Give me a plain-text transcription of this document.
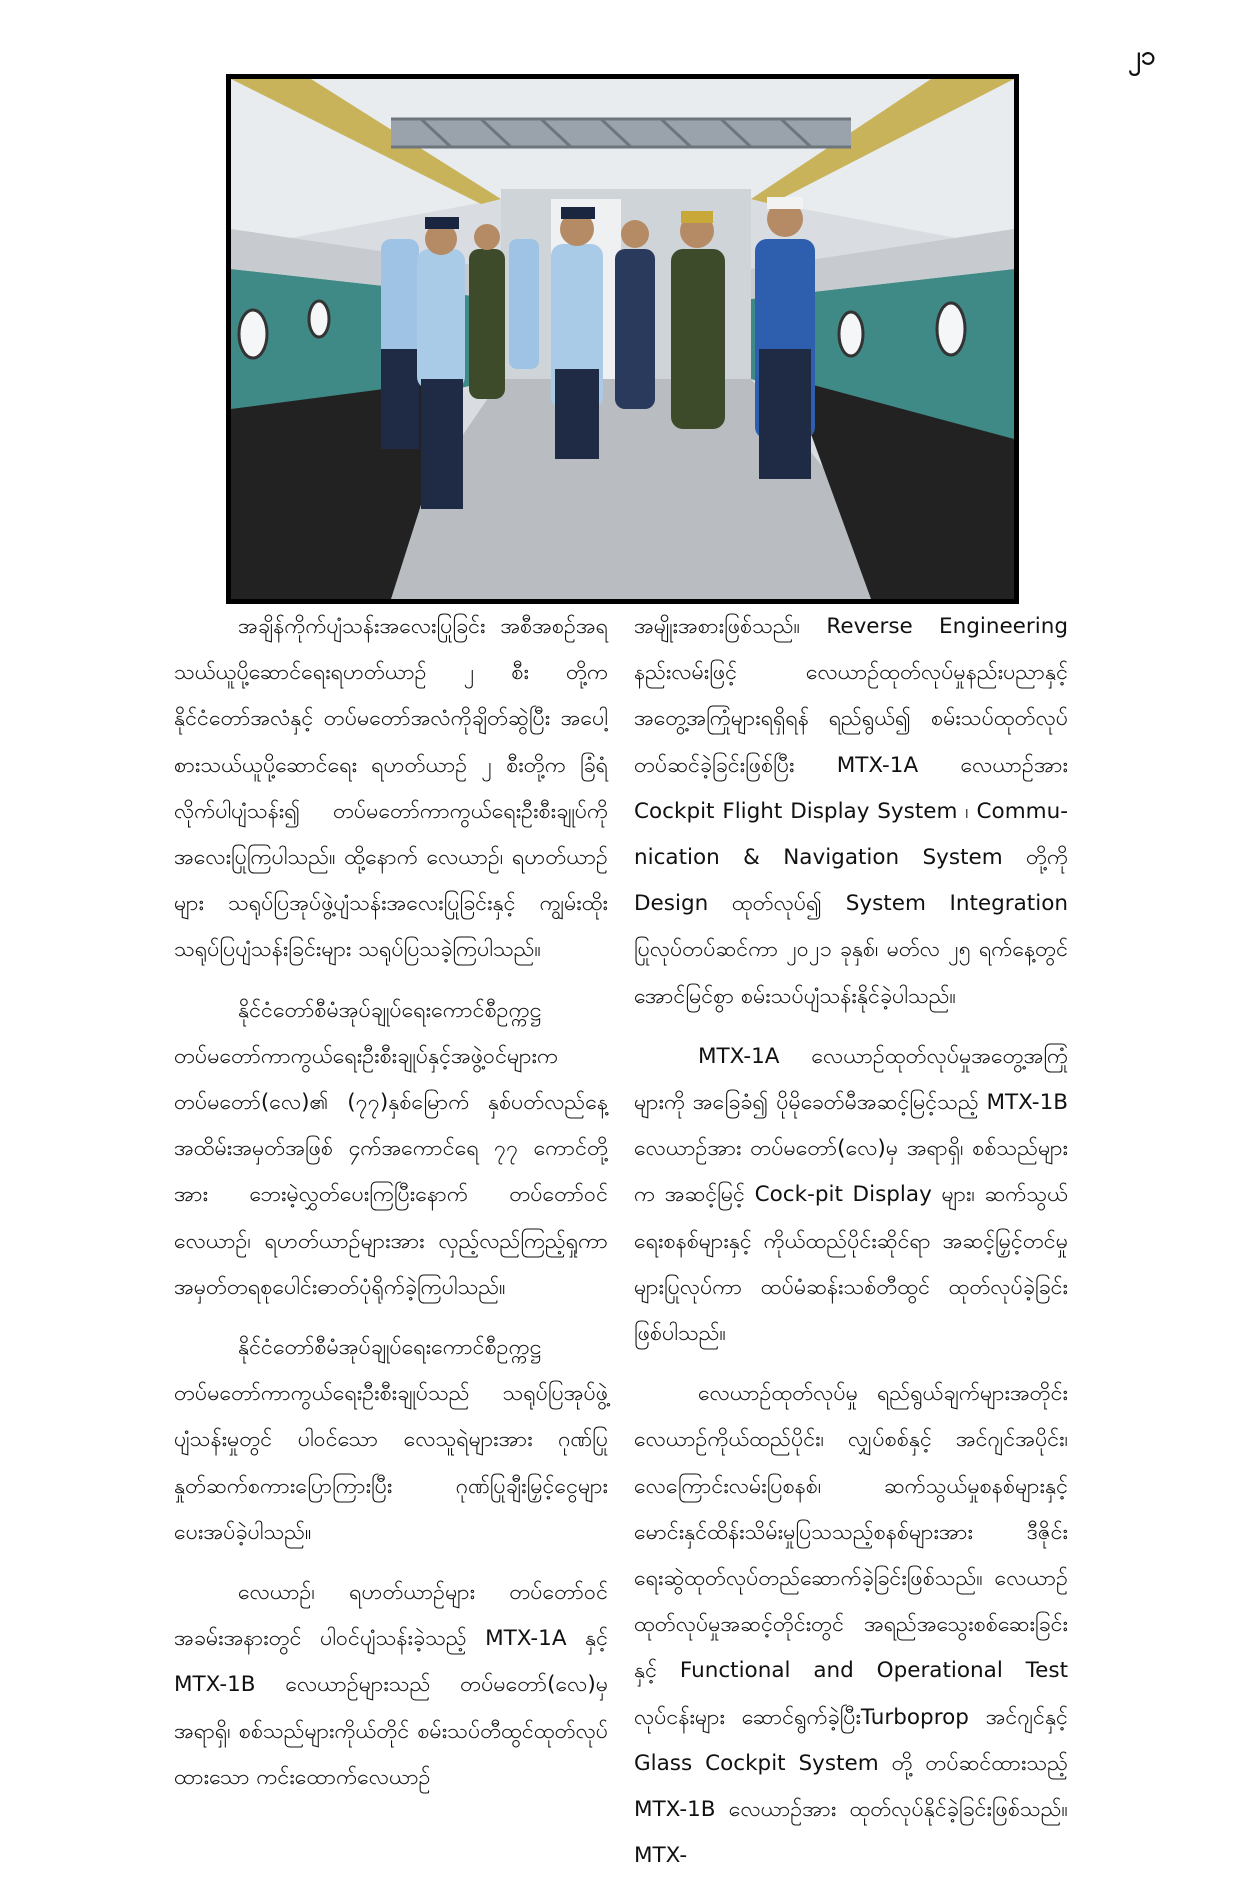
၂၁

အချိန်ကိုက်ပျံသန်းအလေးပြုခြင်း အစီအစဉ်အရ သယ်ယူပို့ဆောင်ရေးရဟတ်ယာဉ် ၂ စီး တို့က နိုင်ငံတော်အလံနှင့် တပ်မတော်အလံကိုချိတ်ဆွဲပြီး အပေါ့စားသယ်ယူပို့ဆောင်ရေး ရဟတ်ယာဉ် ၂ စီးတို့က ခြံရံလိုက်ပါပျံသန်း၍ တပ်မတော်ကာကွယ်ရေးဦးစီးချုပ်ကို အလေးပြုကြပါသည်။ ထို့နောက် လေယာဉ်၊ ရဟတ်ယာဉ်များ သရုပ်ပြအုပ်ဖွဲ့ပျံသန်းအလေးပြုခြင်းနှင့် ကျွမ်းထိုးသရုပ်ပြပျံသန်းခြင်းများ သရုပ်ပြသခဲ့ကြပါသည်။

နိုင်ငံတော်စီမံအုပ်ချုပ်ရေးကောင်စီဥက္ကဋ္ဌ တပ်မတော်ကာကွယ်ရေးဦးစီးချုပ်နှင့်အဖွဲ့ဝင်များက တပ်မတော်(လေ)၏ (၇၇)နှစ်မြောက် နှစ်ပတ်လည်နေ့အထိမ်းအမှတ်အဖြစ် ၄က်အကောင်ရေ ၇၇ ကောင်တို့အား ဘေးမဲ့လွှတ်ပေးကြပြီးနောက် တပ်တော်ဝင် လေယာဉ်၊ ရဟတ်ယာဉ်များအား လှည့်လည်ကြည့်ရှုကာ အမှတ်တရစုပေါင်းဓာတ်ပုံရိုက်ခဲ့ကြပါသည်။

နိုင်ငံတော်စီမံအုပ်ချုပ်ရေးကောင်စီဥက္ကဋ္ဌ တပ်မတော်ကာကွယ်ရေးဦးစီးချုပ်သည် သရုပ်ပြအုပ်ဖွဲ့ပျံသန်းမှုတွင် ပါဝင်သော လေသူရဲများအား ဂုဏ်ပြုနှုတ်ဆက်စကားပြောကြားပြီး ဂုဏ်ပြုချီးမြှင့်ငွေများ ပေးအပ်ခဲ့ပါသည်။

လေယာဉ်၊ ရဟတ်ယာဉ်များ တပ်တော်ဝင်အခမ်းအနားတွင် ပါဝင်ပျံသန်းခဲ့သည့် MTX-1A နှင့် MTX-1B လေယာဉ်များသည် တပ်မတော်(လေ)မှ အရာရှိ၊ စစ်သည်များကိုယ်တိုင် စမ်းသပ်တီထွင်ထုတ်လုပ်ထားသော ကင်းထောက်လေယာဉ်

အမျိုးအစားဖြစ်သည်။ Reverse Engineering နည်းလမ်းဖြင့် လေယာဉ်ထုတ်လုပ်မှုနည်းပညာနှင့် အတွေ့အကြုံများရရှိရန် ရည်ရွယ်၍ စမ်းသပ်ထုတ်လုပ်တပ်ဆင်ခဲ့ခြင်းဖြစ်ပြီး MTX-1A လေယာဉ်အား Cockpit Flight Display System ၊ Commu-nication & Navigation System တို့ကို Design ထုတ်လုပ်၍ System Integration ပြုလုပ်တပ်ဆင်ကာ ၂၀၂၁ ခုနှစ်၊ မတ်လ ၂၅ ရက်နေ့တွင် အောင်မြင်စွာ စမ်းသပ်ပျံသန်းနိုင်ခဲ့ပါသည်။

MTX-1A လေယာဉ်ထုတ်လုပ်မှုအတွေ့အကြုံများကို အခြေခံ၍ ပိုမိုခေတ်မီအဆင့်မြင့်သည့် MTX-1B လေယာဉ်အား တပ်မတော်(လေ)မှ အရာရှိ၊ စစ်သည်များက အဆင့်မြင့် Cock-pit Display များ၊ ဆက်သွယ်ရေးစနစ်များနှင့် ကိုယ်ထည်ပိုင်းဆိုင်ရာ အဆင့်မြှင့်တင်မှုများပြုလုပ်ကာ ထပ်မံဆန်းသစ်တီထွင် ထုတ်လုပ်ခဲ့ခြင်းဖြစ်ပါသည်။

လေယာဉ်ထုတ်လုပ်မှု ရည်ရွယ်ချက်များအတိုင်း လေယာဉ်ကိုယ်ထည်ပိုင်း၊ လျှပ်စစ်နှင့် အင်ဂျင်အပိုင်း၊ လေကြောင်းလမ်းပြစနစ်၊ ဆက်သွယ်မှုစနစ်များနှင့် မောင်းနှင်ထိန်းသိမ်းမှုပြသသည့်စနစ်များအား ဒီဇိုင်းရေးဆွဲထုတ်လုပ်တည်ဆောက်ခဲ့ခြင်းဖြစ်သည်။ လေယာဉ်ထုတ်လုပ်မှုအဆင့်တိုင်းတွင် အရည်အသွေးစစ်ဆေးခြင်းနှင့် Functional and Operational Test လုပ်ငန်းများ ဆောင်ရွက်ခဲ့ပြီးTurboprop အင်ဂျင်နှင့် Glass Cockpit System တို့ တပ်ဆင်ထားသည့် MTX-1B လေယာဉ်အား ထုတ်လုပ်နိုင်ခဲ့ခြင်းဖြစ်သည်။ MTX-
